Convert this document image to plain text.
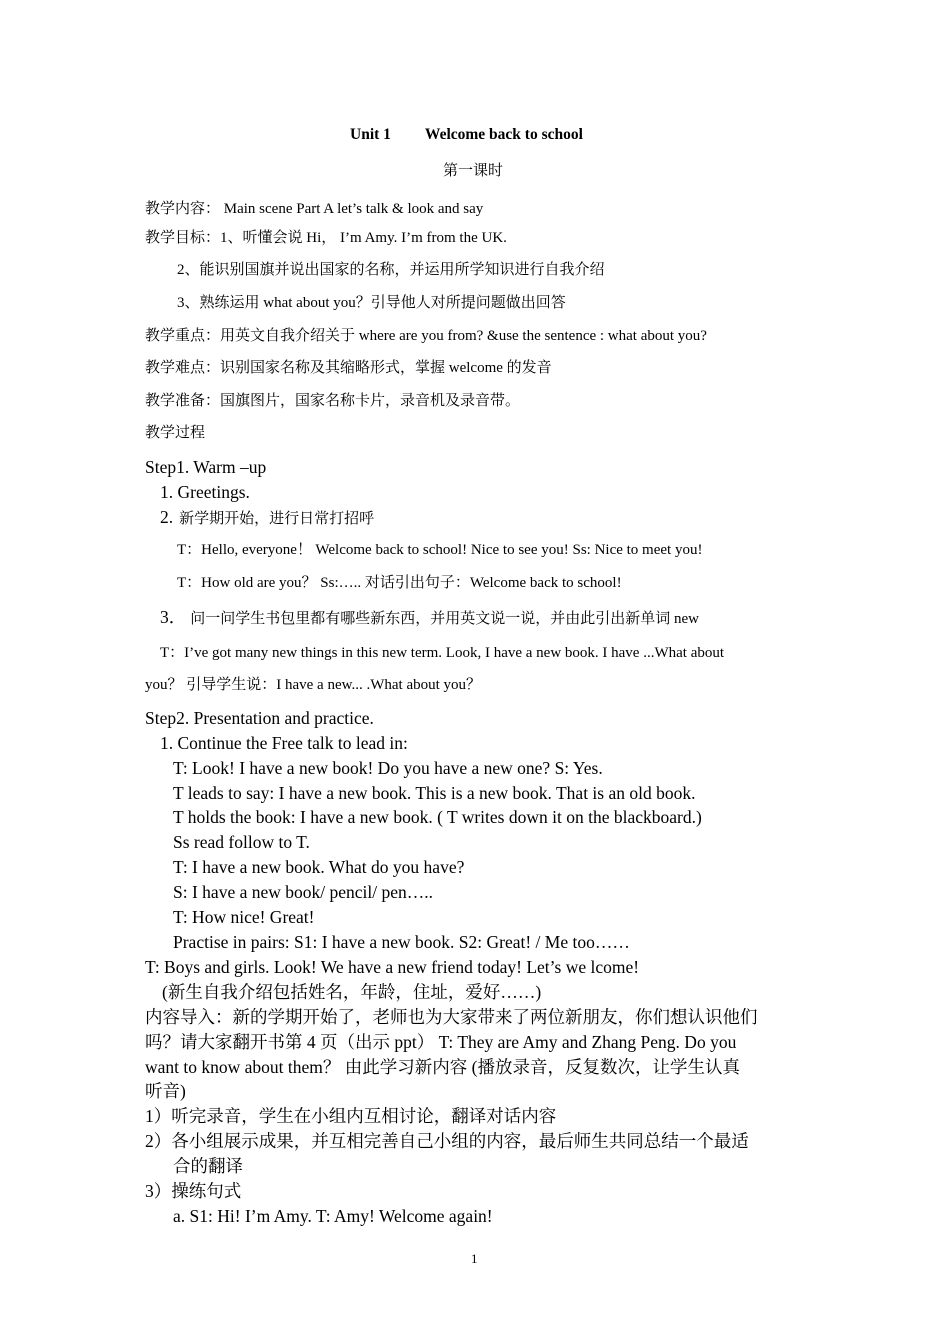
Unit 1 Welcome back to school
第一课时
教学内容： Main scene Part A let’s talk & look and say
教学目标：1、听懂会说 Hi， I’m Amy. I’m from the UK.
2、能识别国旗并说出国家的名称，并运用所学知识进行自我介绍
3、熟练运用 what about you？引导他人对所提问题做出回答
教学重点：用英文自我介绍关于 where are you from? &use the sentence : what about you?
教学难点：识别国家名称及其缩略形式，掌握 welcome 的发音
教学准备：国旗图片，国家名称卡片，录音机及录音带。
教学过程
Step1. Warm –up
1. Greetings.
2. 新学期开始，进行日常打招呼
T：Hello, everyone！ Welcome back to school! Nice to see you! Ss: Nice to meet you!
T：How old are you？ Ss:….. 对话引出句子：Welcome back to school!
3． 问一问学生书包里都有哪些新东西，并用英文说一说，并由此引出新单词 new
T：I’ve got many new things in this new term. Look, I have a new book. I have ...What about
you？ 引导学生说：I have a new... .What about you？
Step2. Presentation and practice.
1. Continue the Free talk to lead in:
T: Look! I have a new book! Do you have a new one? S: Yes.
T leads to say: I have a new book. This is a new book. That is an old book.
T holds the book: I have a new book. ( T writes down it on the blackboard.)
Ss read follow to T.
T: I have a new book. What do you have?
S: I have a new book/ pencil/ pen…..
T: How nice! Great!
Practise in pairs: S1: I have a new book. S2: Great! / Me too……
T: Boys and girls. Look! We have a new friend today! Let’s we lcome!
(新生自我介绍包括姓名，年龄，住址，爱好……)
内容导入：新的学期开始了，老师也为大家带来了两位新朋友，你们想认识他们
吗？请大家翻开书第 4 页（出示 ppt） T: They are Amy and Zhang Peng. Do you
want to know about them？ 由此学习新内容 (播放录音，反复数次，让学生认真
听音)
1）听完录音，学生在小组内互相讨论，翻译对话内容
2）各小组展示成果，并互相完善自己小组的内容，最后师生共同总结一个最适
合的翻译
3）操练句式
a. S1: Hi! I’m Amy. T: Amy! Welcome again!
1
